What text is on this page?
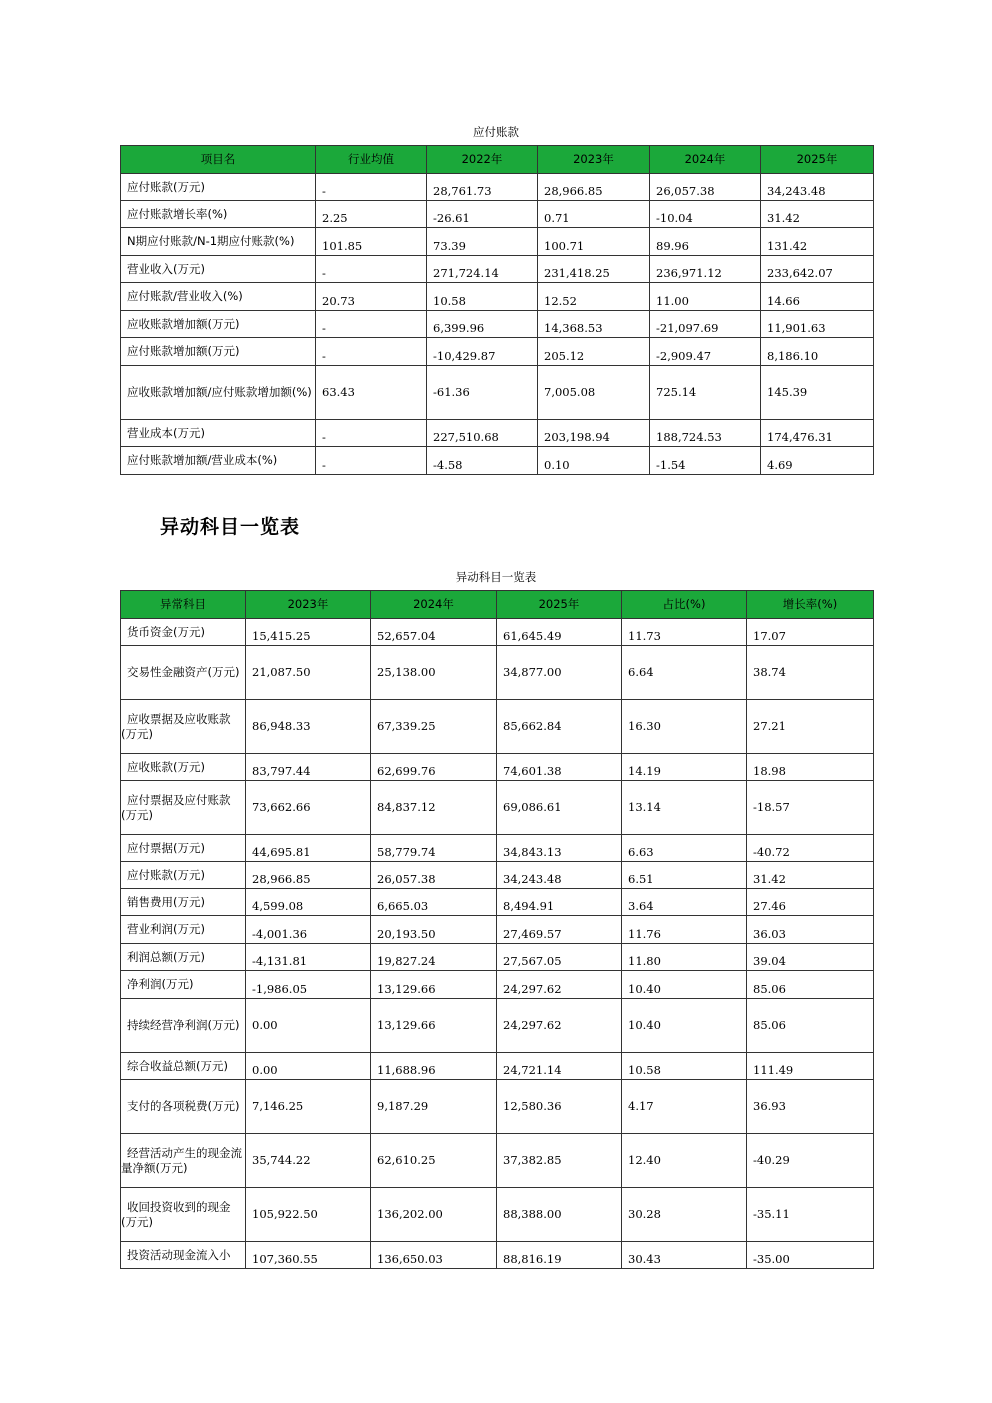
应付账款
项目名	行业均值	2022年	2023年	2024年	2025年
应付账款(万元)	-	28,761.73	28,966.85	26,057.38	34,243.48
应付账款增长率(%)	2.25	-26.61	0.71	-10.04	31.42
N期应付账款/N-1期应付账款(%)	101.85	73.39	100.71	89.96	131.42
营业收入(万元)	-	271,724.14	231,418.25	236,971.12	233,642.07
应付账款/营业收入(%)	20.73	10.58	12.52	11.00	14.66
应收账款增加额(万元)	-	6,399.96	14,368.53	-21,097.69	11,901.63
应付账款增加额(万元)	-	-10,429.87	205.12	-2,909.47	8,186.10
应收账款增加额/应付账款增加额(%)	63.43	-61.36	7,005.08	725.14	145.39
营业成本(万元)	-	227,510.68	203,198.94	188,724.53	174,476.31
应付账款增加额/营业成本(%)	-	-4.58	0.10	-1.54	4.69
异动科目一览表
异动科目一览表
异常科目	2023年	2024年	2025年	占比(%)	增长率(%)
货币资金(万元)	15,415.25	52,657.04	61,645.49	11.73	17.07
交易性金融资产(万元)	21,087.50	25,138.00	34,877.00	6.64	38.74
应收票据及应收账款(万元)	86,948.33	67,339.25	85,662.84	16.30	27.21
应收账款(万元)	83,797.44	62,699.76	74,601.38	14.19	18.98
应付票据及应付账款(万元)	73,662.66	84,837.12	69,086.61	13.14	-18.57
应付票据(万元)	44,695.81	58,779.74	34,843.13	6.63	-40.72
应付账款(万元)	28,966.85	26,057.38	34,243.48	6.51	31.42
销售费用(万元)	4,599.08	6,665.03	8,494.91	3.64	27.46
营业利润(万元)	-4,001.36	20,193.50	27,469.57	11.76	36.03
利润总额(万元)	-4,131.81	19,827.24	27,567.05	11.80	39.04
净利润(万元)	-1,986.05	13,129.66	24,297.62	10.40	85.06
持续经营净利润(万元)	0.00	13,129.66	24,297.62	10.40	85.06
综合收益总额(万元)	0.00	11,688.96	24,721.14	10.58	111.49
支付的各项税费(万元)	7,146.25	9,187.29	12,580.36	4.17	36.93
经营活动产生的现金流量净额(万元)	35,744.22	62,610.25	37,382.85	12.40	-40.29
收回投资收到的现金(万元)	105,922.50	136,202.00	88,388.00	30.28	-35.11
投资活动现金流入小	107,360.55	136,650.03	88,816.19	30.43	-35.00
